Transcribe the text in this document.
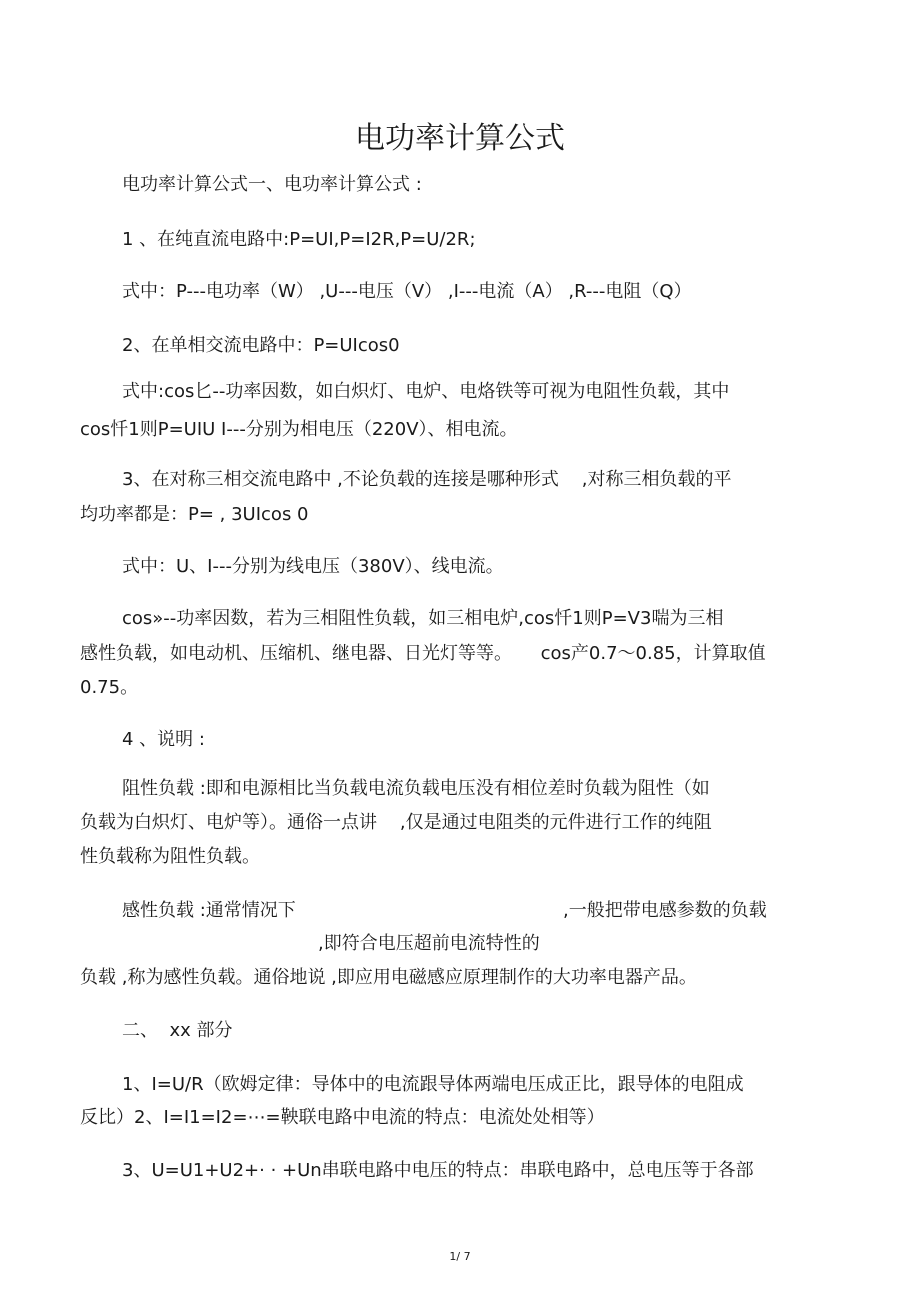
电功率计算公式
电功率计算公式一、电功率计算公式 :
1 、在纯直流电路中:P=UI,P=I2R,P=U/2R;
式中：P---电功率（W） ,U---电压（V） ,I---电流（A） ,R---电阻（Q）
2、在单相交流电路中：P=UIcos0
式中:cos匕--功率因数，如白炽灯、电炉、电烙铁等可视为电阻性负载，其中
cos忏1则P=UIU I---分别为相电压（220V）、相电流。
3、在对称三相交流电路中 ,不论负载的连接是哪种形式    ,对称三相负载的平
均功率都是：P= , 3UIcos 0
式中：U、I---分别为线电压（380V）、线电流。
cos»--功率因数，若为三相阻性负载，如三相电炉,cos忏1则P=V3喘为三相
感性负载，如电动机、压缩机、继电器、日光灯等等。     cos产0.7〜0.85，计算取值
0.75。
4 、说明 :
阻性负载 :即和电源相比当负载电流负载电压没有相位差时负载为阻性（如
负载为白炽灯、电炉等）。通俗一点讲    ,仅是通过电阻类的元件进行工作的纯阻
性负载称为阻性负载。
感性负载 :通常情况下	,一般把带电感参数的负载
,即符合电压超前电流特性的
负载 ,称为感性负载。通俗地说 ,即应用电磁感应原理制作的大功率电器产品。
二、  xx 部分
1、I=U/R（欧姆定律：导体中的电流跟导体两端电压成正比，跟导体的电阻成
反比）2、I=I1=I2=⋯=鞅联电路中电流的特点：电流处处相等）
3、U=U1+U2+· · +Un串联电路中电压的特点：串联电路中，总电压等于各部
1/ 7
